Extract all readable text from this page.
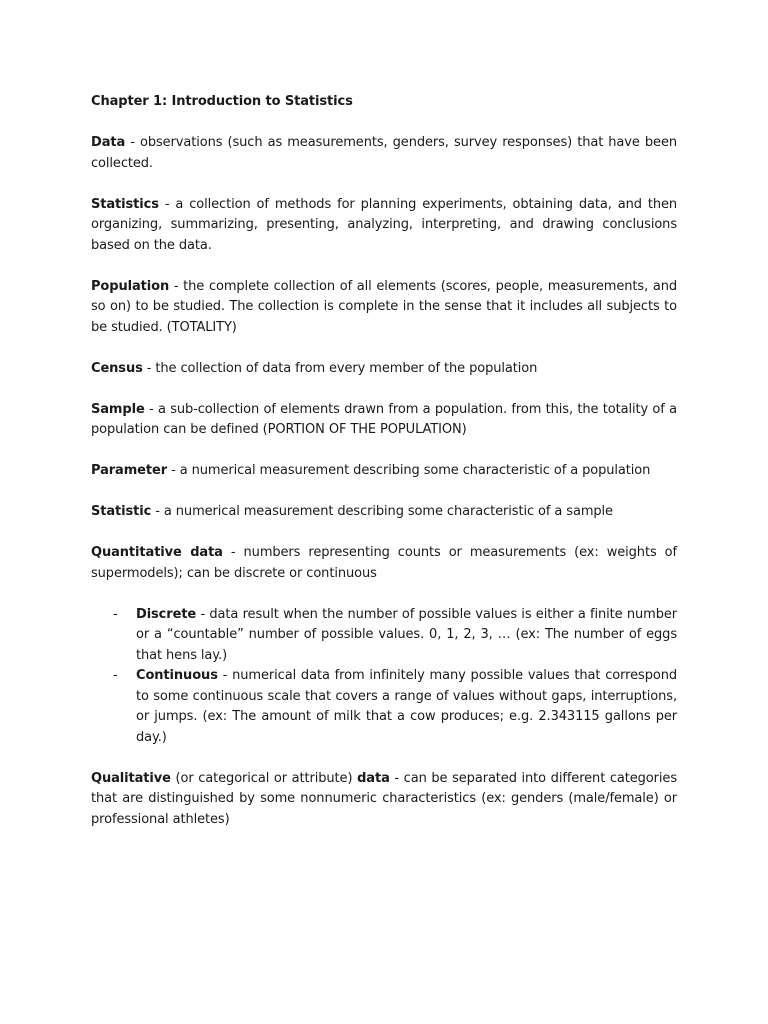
Chapter 1: Introduction to Statistics

Data - observations (such as measurements, genders, survey responses) that have been collected.

Statistics - a collection of methods for planning experiments, obtaining data, and then organizing, summarizing, presenting, analyzing, interpreting, and drawing conclusions based on the data.

Population - the complete collection of all elements (scores, people, measurements, and so on) to be studied. The collection is complete in the sense that it includes all subjects to be studied. (TOTALITY)

Census - the collection of data from every member of the population

Sample - a sub-collection of elements drawn from a population. from this, the totality of a population can be defined (PORTION OF THE POPULATION)

Parameter - a numerical measurement describing some characteristic of a population

Statistic - a numerical measurement describing some characteristic of a sample

Quantitative data - numbers representing counts or measurements (ex: weights of supermodels); can be discrete or continuous

- Discrete - data result when the number of possible values is either a finite number or a “countable” number of possible values. 0, 1, 2, 3, … (ex: The number of eggs that hens lay.)
- Continuous - numerical data from infinitely many possible values that correspond to some continuous scale that covers a range of values without gaps, interruptions, or jumps. (ex: The amount of milk that a cow produces; e.g. 2.343115 gallons per day.)

Qualitative (or categorical or attribute) data - can be separated into different categories that are distinguished by some nonnumeric characteristics (ex: genders (male/female) or professional athletes)
